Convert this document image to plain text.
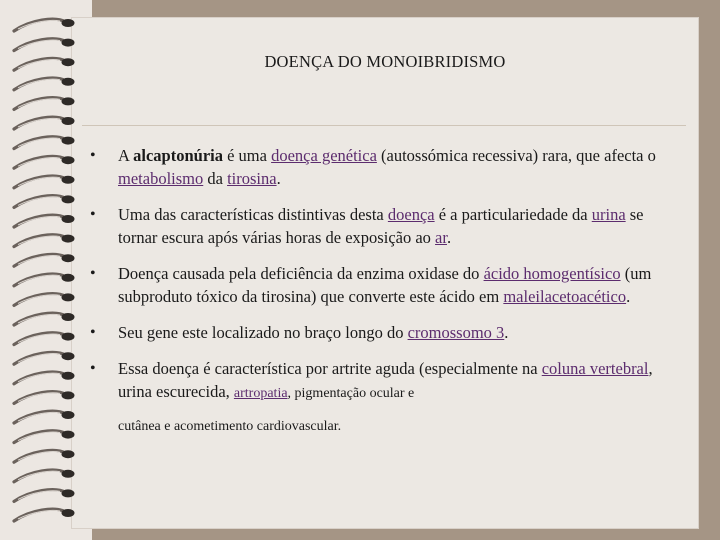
DOENÇA DO MONOIBRIDISMO
• A alcaptonúria é uma doença genética (autossómica recessiva) rara, que afecta o metabolismo da tirosina.
• Uma das características distintivas desta doença é a particulariedade da urina se tornar escura após várias horas de exposição ao ar.
• Doença causada pela deficiência da enzima oxidase do ácido homogentísico (um subproduto tóxico da tirosina) que converte este ácido em maleilacetoacético.
• Seu gene este localizado no braço longo do cromossomo 3.
• Essa doença é característica por artrite aguda (especialmente na coluna vertebral, urina escurecida, artropatia, pigmentação ocular e
cutânea e acometimento cardiovascular.
